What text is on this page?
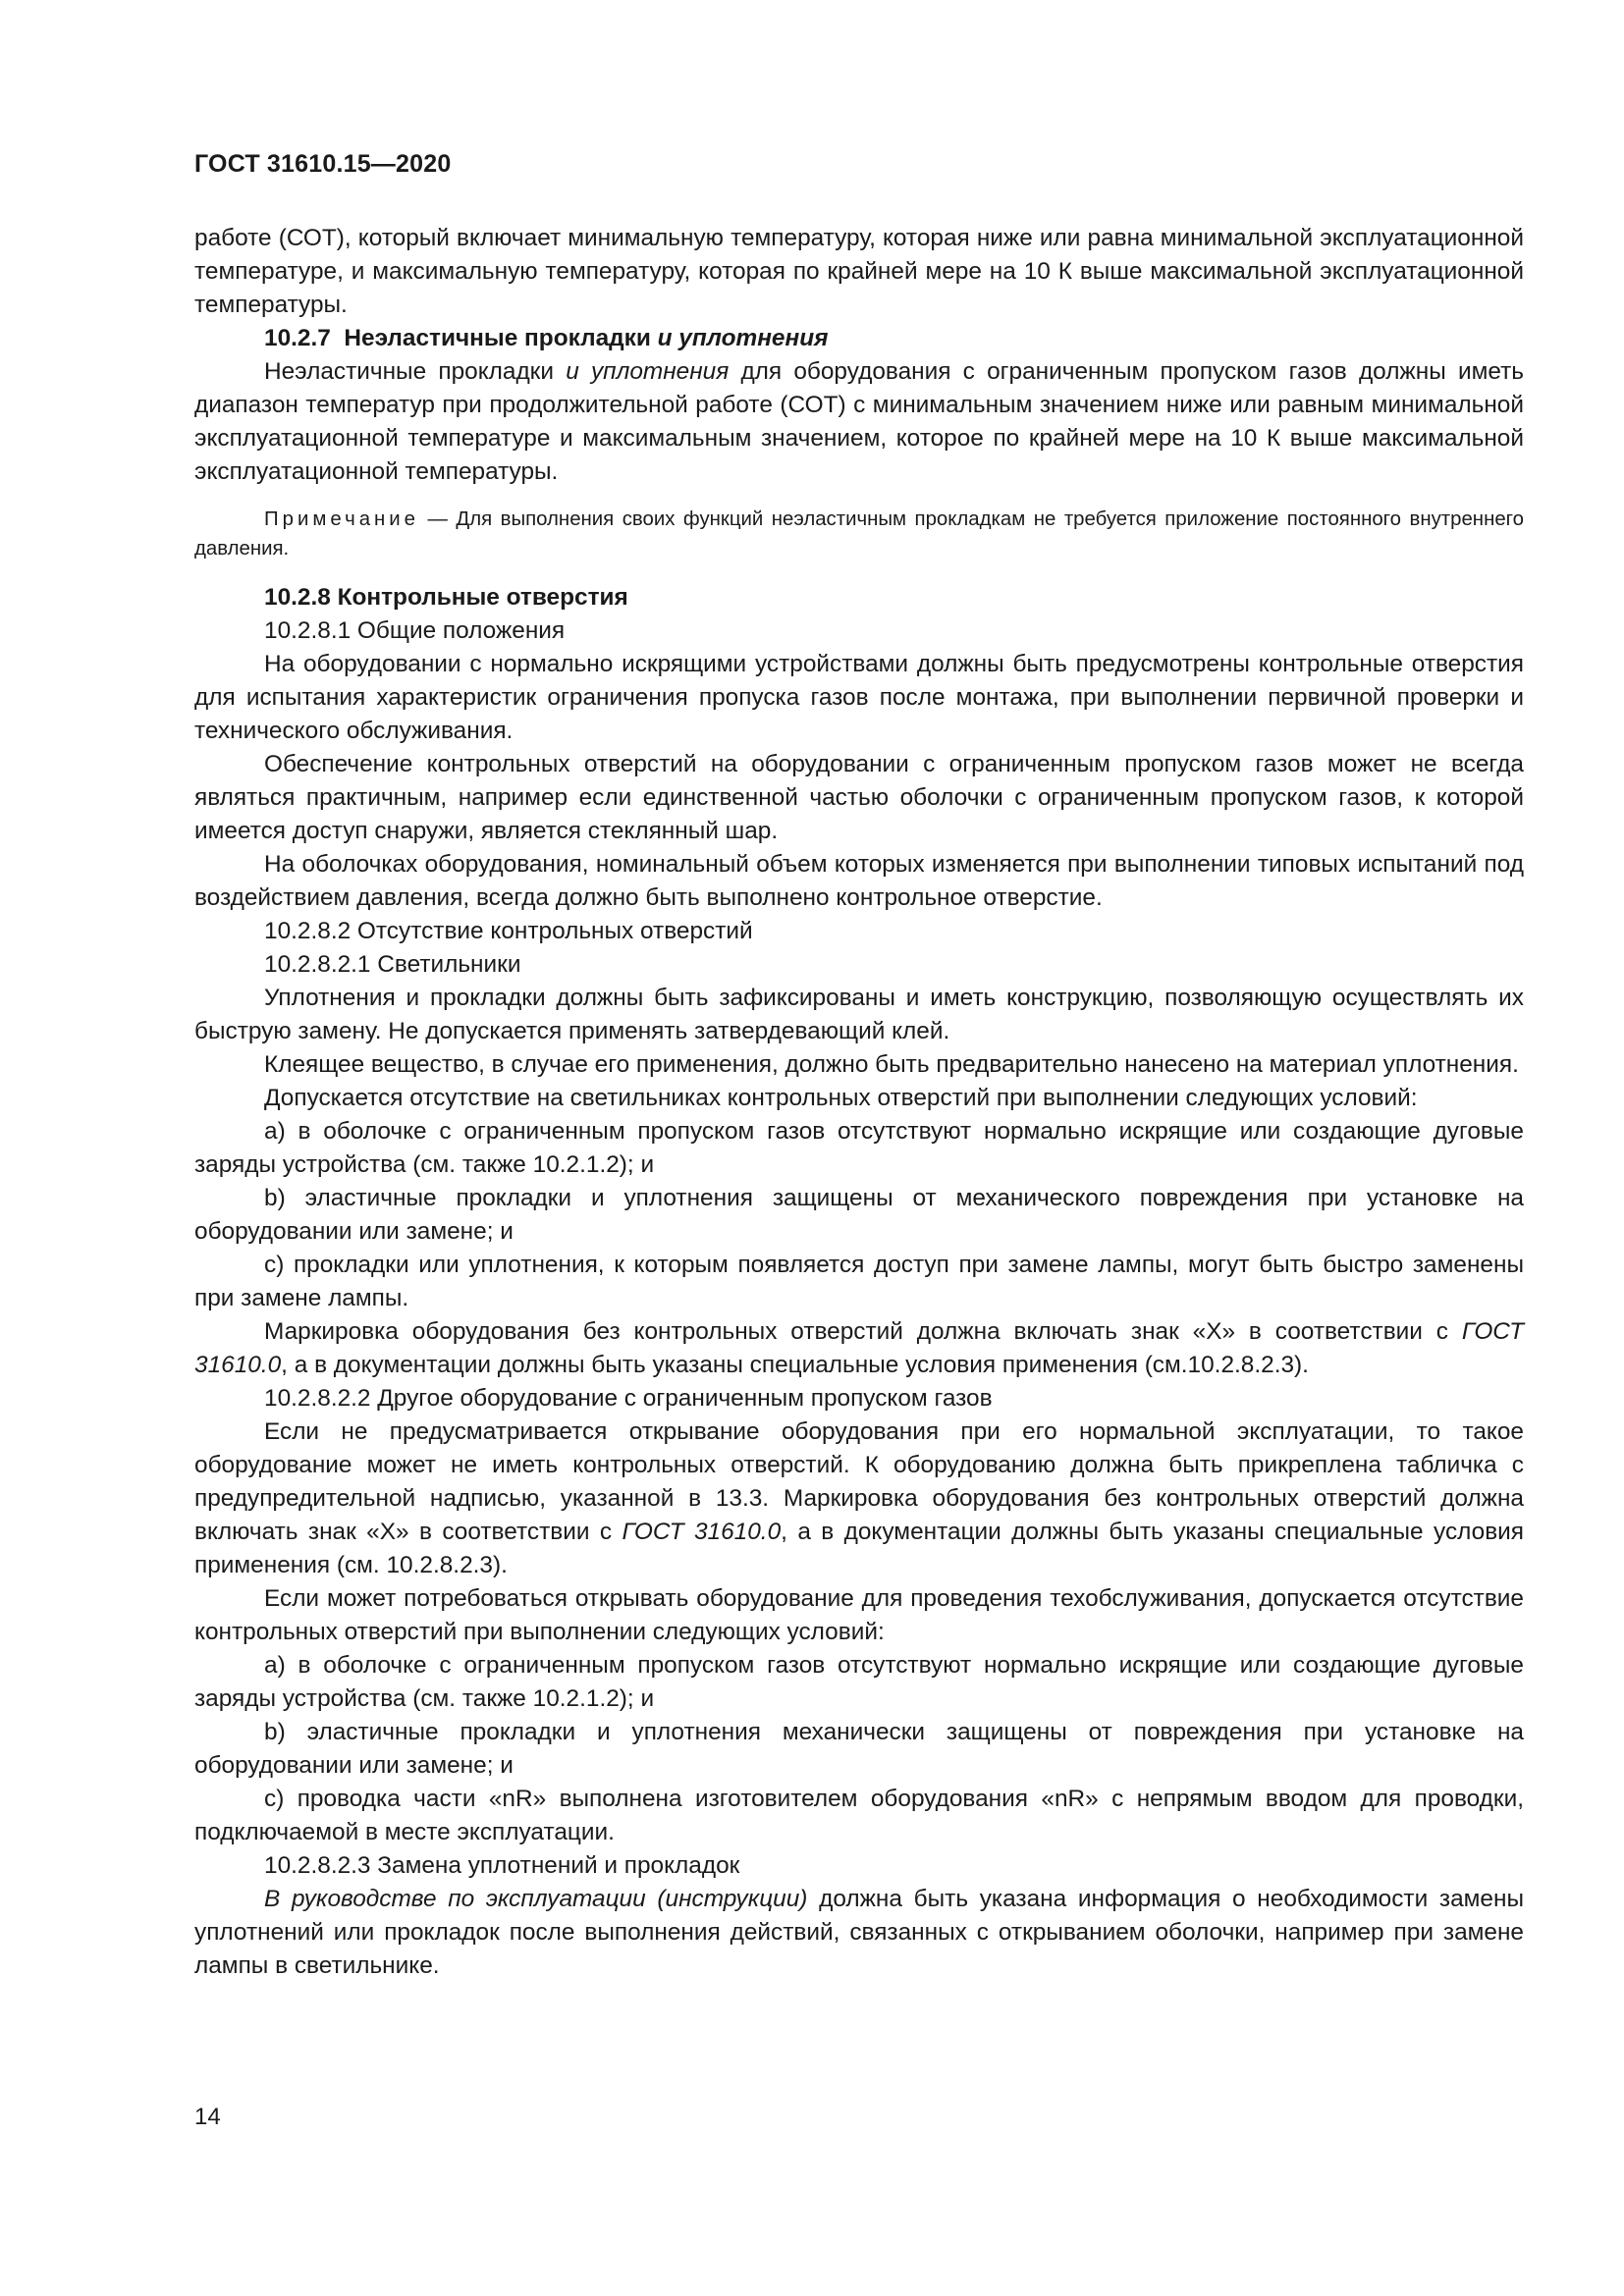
ГОСТ 31610.15—2020

работе (СОТ), который включает минимальную температуру, которая ниже или равна минимальной эксплуатационной температуре, и максимальную температуру, которая по крайней мере на 10 К выше максимальной эксплуатационной температуры.

10.2.7 Неэластичные прокладки и уплотнения

Неэластичные прокладки и уплотнения для оборудования с ограниченным пропуском газов должны иметь диапазон температур при продолжительной работе (СОТ) с минимальным значением ниже или равным минимальной эксплуатационной температуре и максимальным значением, которое по крайней мере на 10 К выше максимальной эксплуатационной температуры.

Примечание — Для выполнения своих функций неэластичным прокладкам не требуется приложение постоянного внутреннего давления.

10.2.8 Контрольные отверстия

10.2.8.1 Общие положения

На оборудовании с нормально искрящими устройствами должны быть предусмотрены контрольные отверстия для испытания характеристик ограничения пропуска газов после монтажа, при выполнении первичной проверки и технического обслуживания.

Обеспечение контрольных отверстий на оборудовании с ограниченным пропуском газов может не всегда являться практичным, например если единственной частью оболочки с ограниченным пропуском газов, к которой имеется доступ снаружи, является стеклянный шар.

На оболочках оборудования, номинальный объем которых изменяется при выполнении типовых испытаний под воздействием давления, всегда должно быть выполнено контрольное отверстие.

10.2.8.2 Отсутствие контрольных отверстий

10.2.8.2.1 Светильники

Уплотнения и прокладки должны быть зафиксированы и иметь конструкцию, позволяющую осуществлять их быструю замену. Не допускается применять затвердевающий клей.

Клеящее вещество, в случае его применения, должно быть предварительно нанесено на материал уплотнения.

Допускается отсутствие на светильниках контрольных отверстий при выполнении следующих условий:

а) в оболочке с ограниченным пропуском газов отсутствуют нормально искрящие или создающие дуговые заряды устройства (см. также 10.2.1.2); и

b) эластичные прокладки и уплотнения защищены от механического повреждения при установке на оборудовании или замене; и

с) прокладки или уплотнения, к которым появляется доступ при замене лампы, могут быть быстро заменены при замене лампы.

Маркировка оборудования без контрольных отверстий должна включать знак «Х» в соответствии с ГОСТ 31610.0, а в документации должны быть указаны специальные условия применения (см.10.2.8.2.3).

10.2.8.2.2 Другое оборудование с ограниченным пропуском газов

Если не предусматривается открывание оборудования при его нормальной эксплуатации, то такое оборудование может не иметь контрольных отверстий. К оборудованию должна быть прикреплена табличка с предупредительной надписью, указанной в 13.3. Маркировка оборудования без контрольных отверстий должна включать знак «Х» в соответствии с ГОСТ 31610.0, а в документации должны быть указаны специальные условия применения (см. 10.2.8.2.3).

Если может потребоваться открывать оборудование для проведения техобслуживания, допускается отсутствие контрольных отверстий при выполнении следующих условий:

а) в оболочке с ограниченным пропуском газов отсутствуют нормально искрящие или создающие дуговые заряды устройства (см. также 10.2.1.2); и

b) эластичные прокладки и уплотнения механически защищены от повреждения при установке на оборудовании или замене; и

с) проводка части «nR» выполнена изготовителем оборудования «nR» с непрямым вводом для проводки, подключаемой в месте эксплуатации.

10.2.8.2.3 Замена уплотнений и прокладок

В руководстве по эксплуатации (инструкции) должна быть указана информация о необходимости замены уплотнений или прокладок после выполнения действий, связанных с открыванием оболочки, например при замене лампы в светильнике.

14
